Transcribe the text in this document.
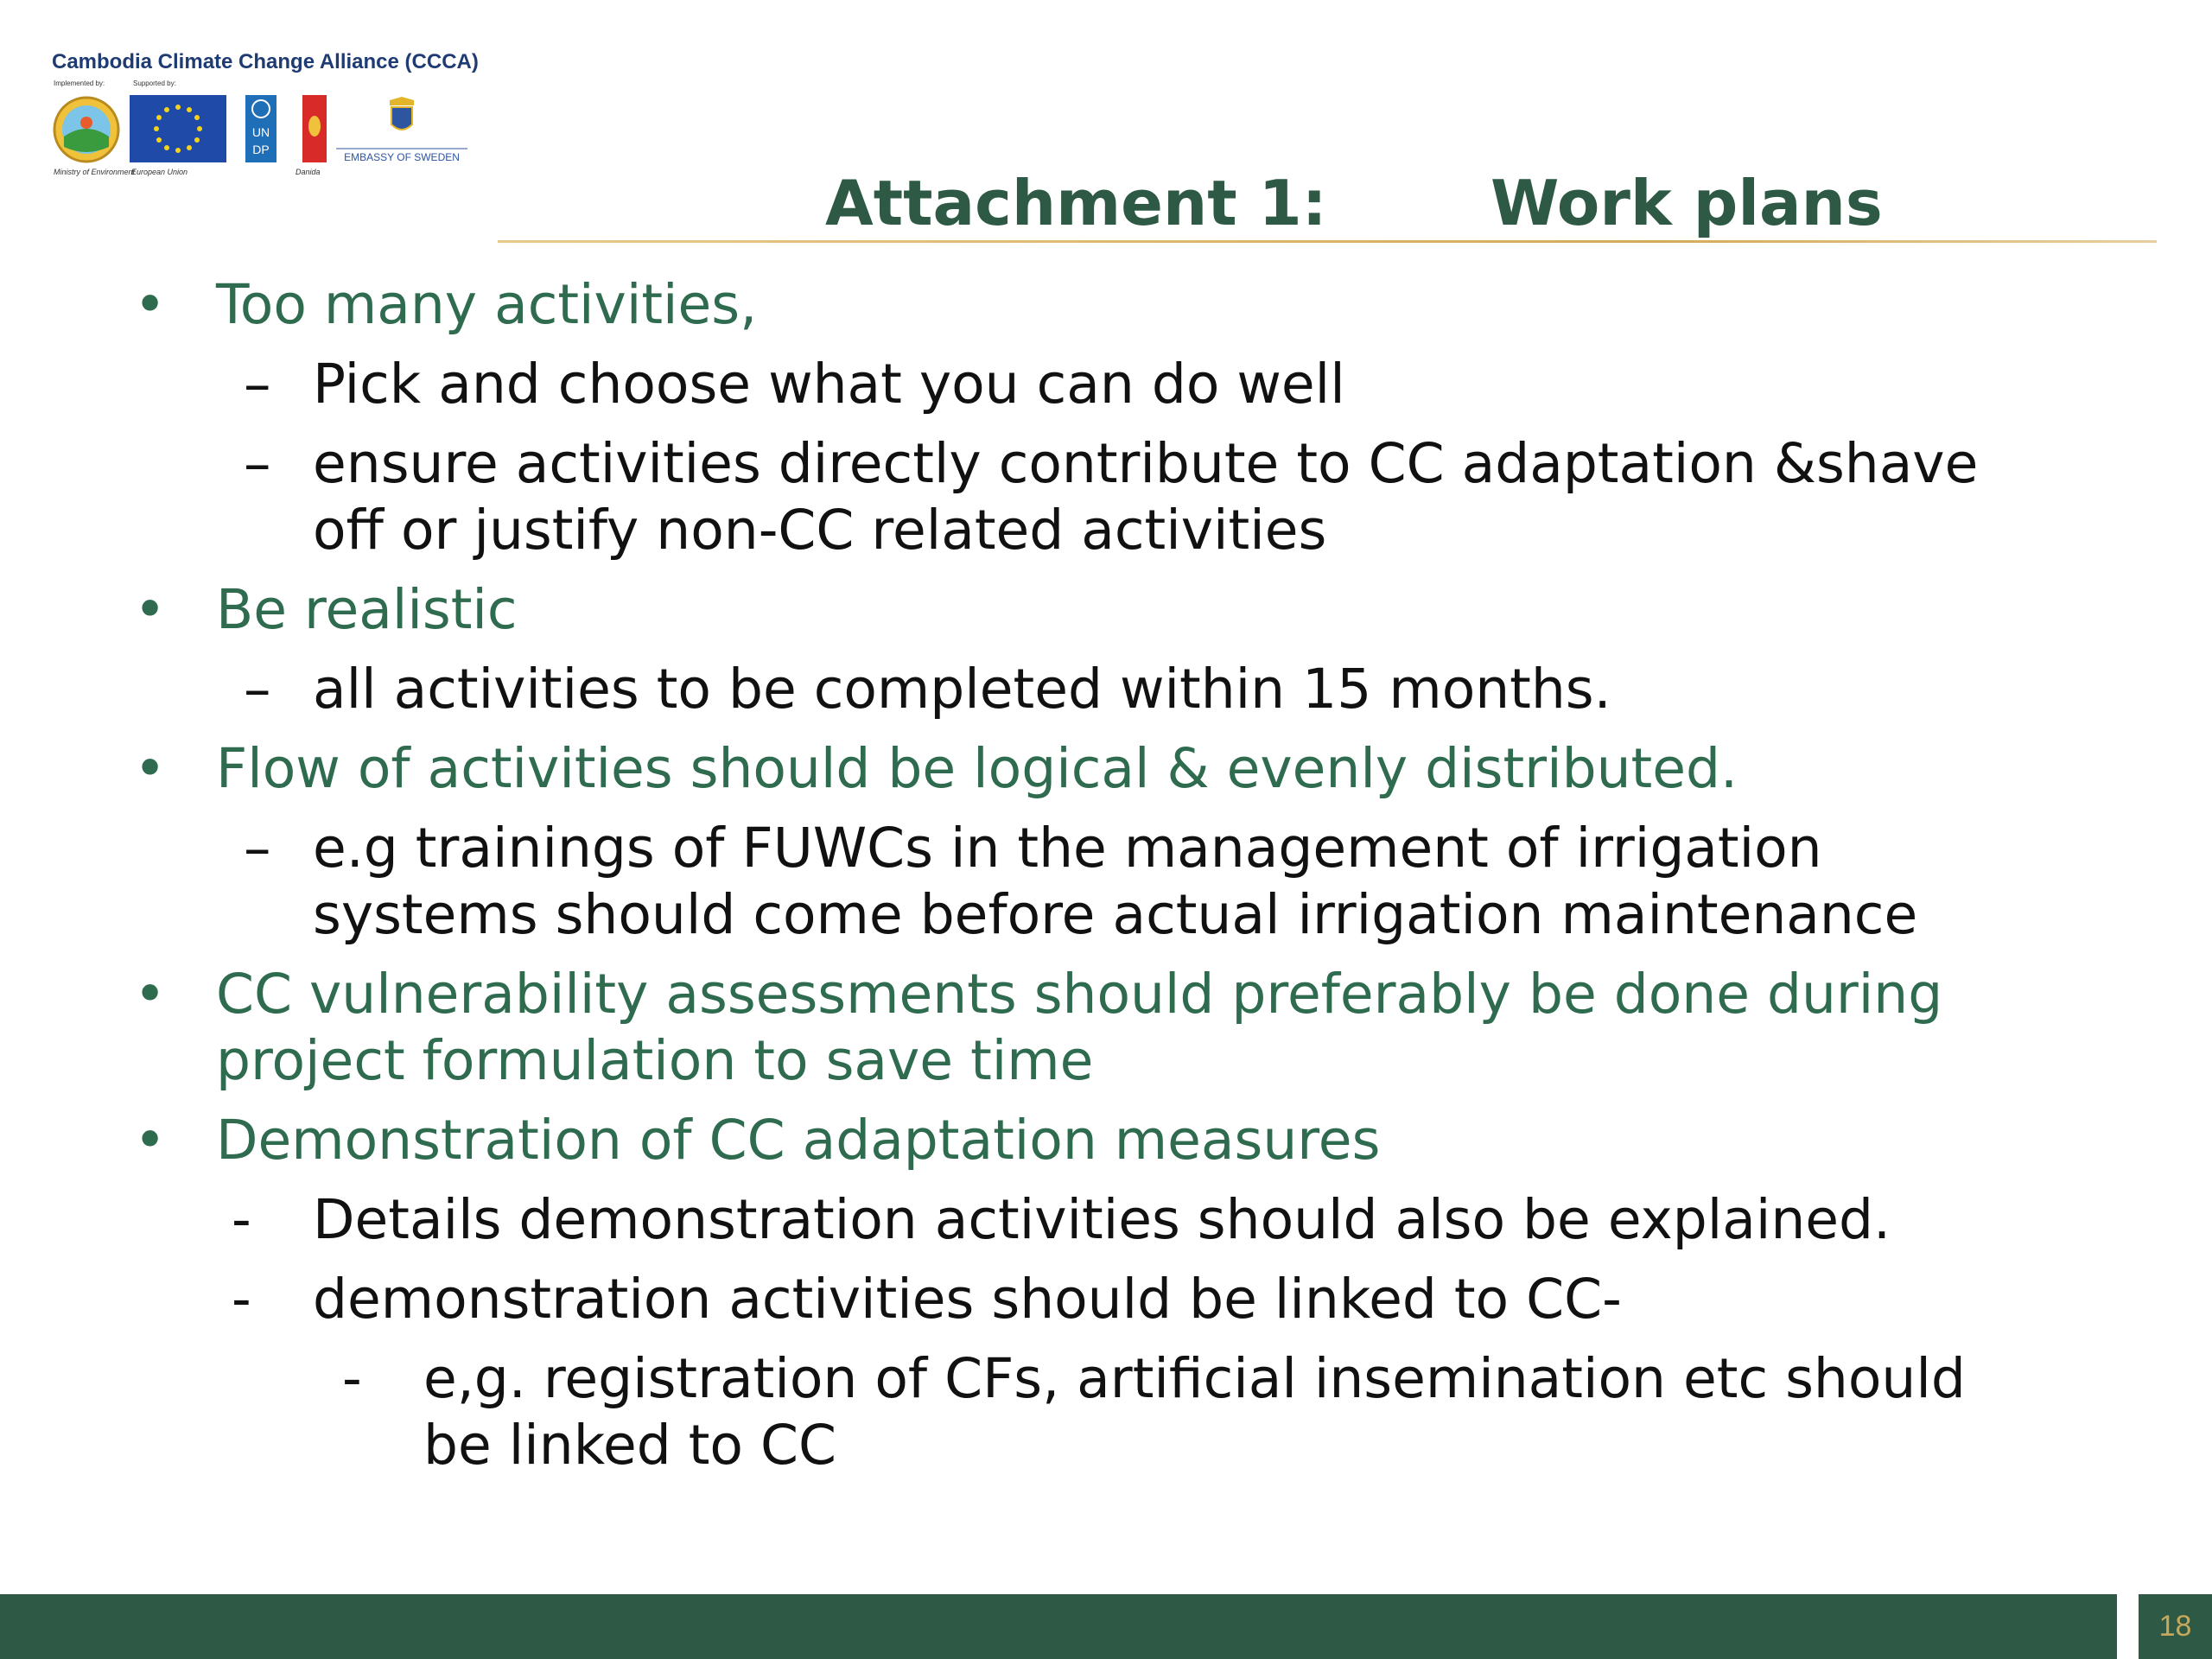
Cambodia Climate Change Alliance (CCCA)
Implemented by:	Supported by:
Ministry of Environment
European Union
UN
DP
Danida
EMBASSY OF SWEDEN
Attachment 1:	Work plans
• Too many activities,
– Pick and choose what you can do well
– ensure activities directly contribute to CC adaptation &shave
off or justify non-CC related activities
• Be realistic
– all activities to be completed within 15 months.
• Flow of activities should be logical & evenly distributed.
– e.g trainings of FUWCs in the management of irrigation
systems should come before actual irrigation maintenance
• CC vulnerability assessments should preferably be done during
project formulation to save time
• Demonstration of CC adaptation measures
- Details demonstration activities should also be explained.
- demonstration activities should be linked to CC-
- e,g. registration of CFs, artificial insemination etc should
be linked to CC
18
